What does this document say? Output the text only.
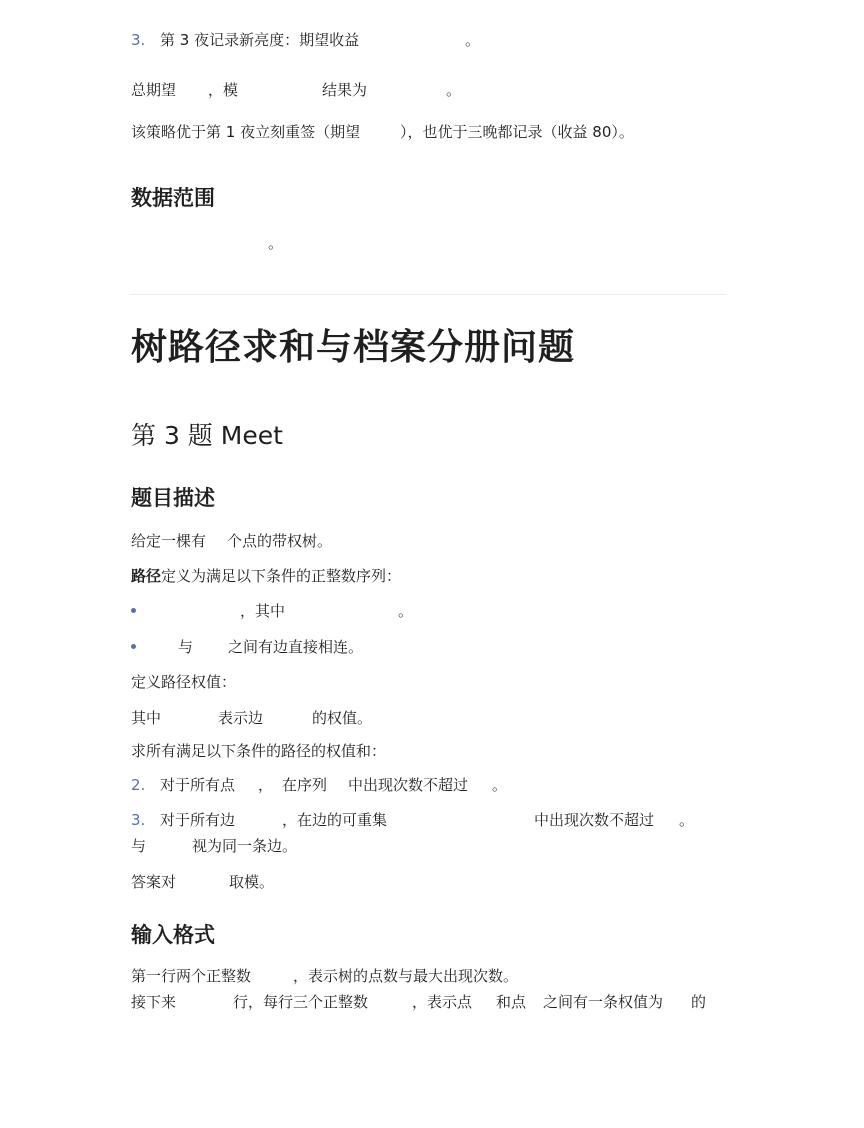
3. 第 3 夜记录新亮度：期望收益	。
总期望 ，模	结果为	。
该策略优于第 1 夜立刻重签（期望	），也优于三晚都记录（收益 80）。
数据范围
。
树路径求和与档案分册问题
第 3 题 Meet
题目描述
给定一棵有 个点的带权树。
路径定义为满足以下条件的正整数序列：
，其中	。
与 之间有边直接相连。
定义路径权值：
其中	表示边	的权值。
求所有满足以下条件的路径的权值和：
2. 对于所有点 ， 在序列 中出现次数不超过 。
3. 对于所有边	，在边的可重集	中出现次数不超过 。
与	视为同一条边。
答案对	取模。
输入格式
第一行两个正整数	，表示树的点数与最大出现次数。
接下来	行，每行三个正整数	，表示点 和点 之间有一条权值为 的
